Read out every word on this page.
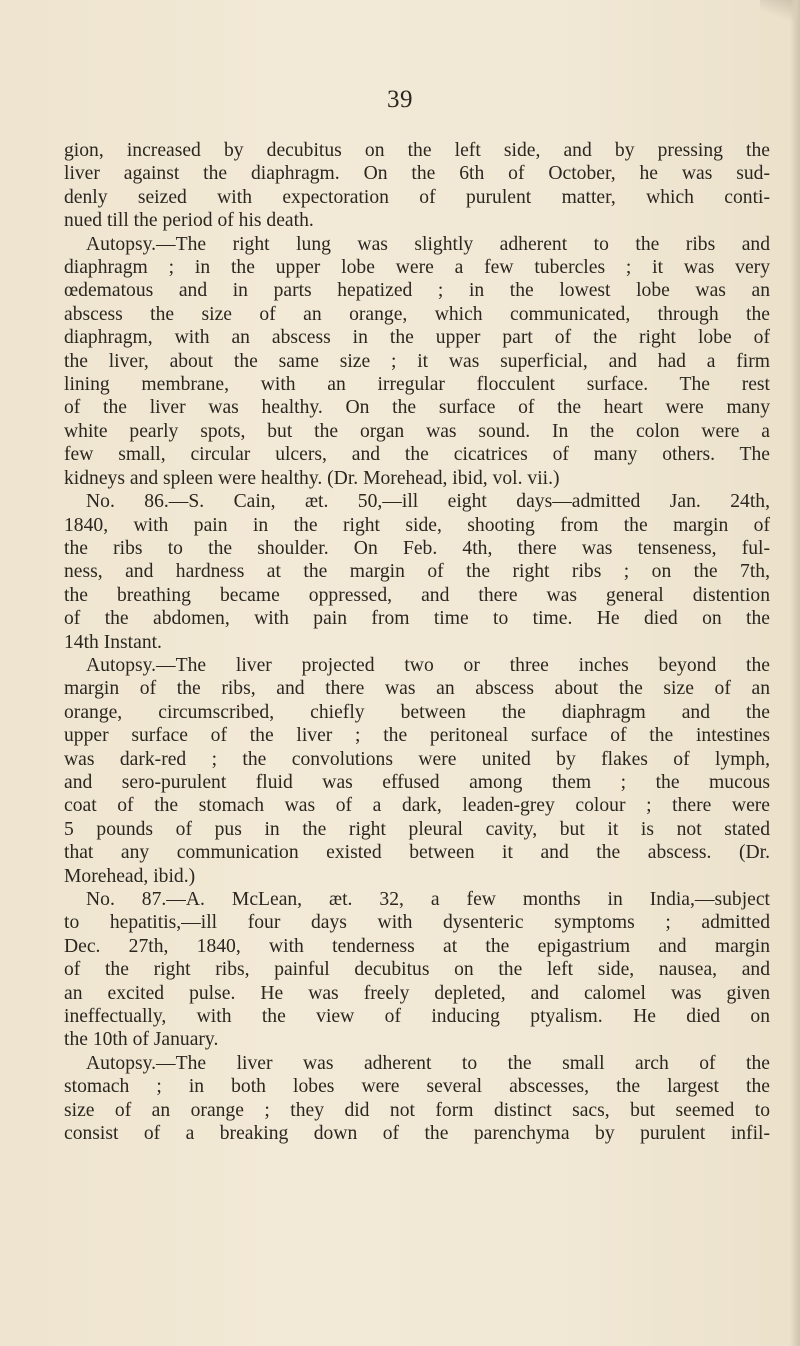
39
gion, increased by decubitus on the left side, and by pressing the
liver against the diaphragm. On the 6th of October, he was sud-
denly seized with expectoration of purulent matter, which conti-
nued till the period of his death.
Autopsy.—The right lung was slightly adherent to the ribs and
diaphragm ; in the upper lobe were a few tubercles ; it was very
œdematous and in parts hepatized ; in the lowest lobe was an
abscess the size of an orange, which communicated, through the
diaphragm, with an abscess in the upper part of the right lobe of
the liver, about the same size ; it was superficial, and had a firm
lining membrane, with an irregular flocculent surface. The rest
of the liver was healthy. On the surface of the heart were many
white pearly spots, but the organ was sound. In the colon were a
few small, circular ulcers, and the cicatrices of many others. The
kidneys and spleen were healthy. (Dr. Morehead, ibid, vol. vii.)
No. 86.—S. Cain, æt. 50,—ill eight days—admitted Jan. 24th,
1840, with pain in the right side, shooting from the margin of
the ribs to the shoulder. On Feb. 4th, there was tenseness, ful-
ness, and hardness at the margin of the right ribs ; on the 7th,
the breathing became oppressed, and there was general distention
of the abdomen, with pain from time to time. He died on the
14th Instant.
Autopsy.—The liver projected two or three inches beyond the
margin of the ribs, and there was an abscess about the size of an
orange, circumscribed, chiefly between the diaphragm and the
upper surface of the liver ; the peritoneal surface of the intestines
was dark-red ; the convolutions were united by flakes of lymph,
and sero-purulent fluid was effused among them ; the mucous
coat of the stomach was of a dark, leaden-grey colour ; there were
5 pounds of pus in the right pleural cavity, but it is not stated
that any communication existed between it and the abscess. (Dr.
Morehead, ibid.)
No. 87.—A. McLean, æt. 32, a few months in India,—subject
to hepatitis,—ill four days with dysenteric symptoms ; admitted
Dec. 27th, 1840, with tenderness at the epigastrium and margin
of the right ribs, painful decubitus on the left side, nausea, and
an excited pulse. He was freely depleted, and calomel was given
ineffectually, with the view of inducing ptyalism. He died on
the 10th of January.
Autopsy.—The liver was adherent to the small arch of the
stomach ; in both lobes were several abscesses, the largest the
size of an orange ; they did not form distinct sacs, but seemed to
consist of a breaking down of the parenchyma by purulent infil-
